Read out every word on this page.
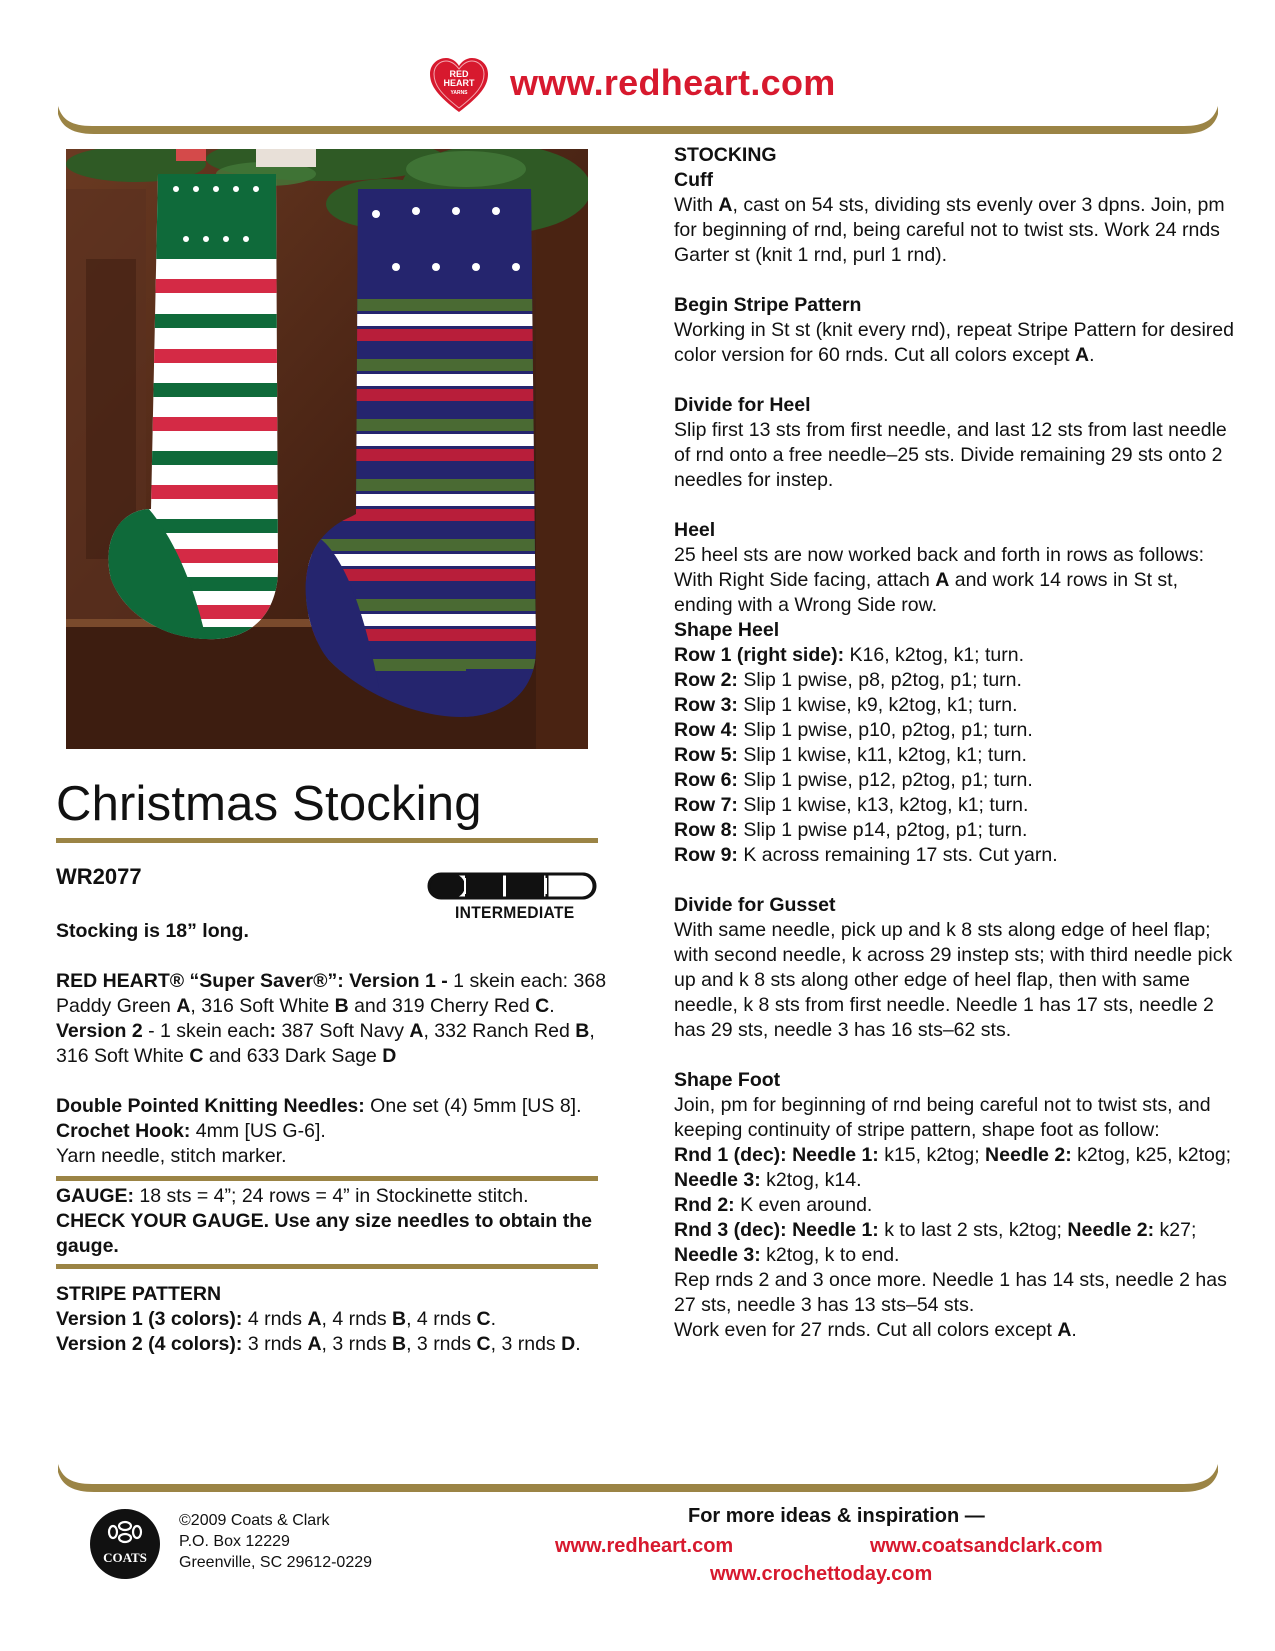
RED
HEART
YARNS www.redheart.com
Christmas Stocking
WR2077
INTERMEDIATE

Stocking is 18” long.

RED HEART® “Super Saver®”: Version 1 - 1 skein each: 368 Paddy Green A, 316 Soft White B and 319 Cherry Red C. Version 2 - 1 skein each: 387 Soft Navy A, 332 Ranch Red B, 316 Soft White C and 633 Dark Sage D

Double Pointed Knitting Needles: One set (4) 5mm [US 8].

Crochet Hook: 4mm [US G-6].

Yarn needle, stitch marker.

GAUGE: 18 sts = 4”; 24 rows = 4” in Stockinette stitch.

CHECK YOUR GAUGE. Use any size needles to obtain the gauge.

STRIPE PATTERN

Version 1 (3 colors): 4 rnds A, 4 rnds B, 4 rnds C.

Version 2 (4 colors): 3 rnds A, 3 rnds B, 3 rnds C, 3 rnds D.

STOCKING

Cuff

With A, cast on 54 sts, dividing sts evenly over 3 dpns. Join, pm for beginning of rnd, being careful not to twist sts. Work 24 rnds Garter st (knit 1 rnd, purl 1 rnd).

Begin Stripe Pattern

Working in St st (knit every rnd), repeat Stripe Pattern for desired color version for 60 rnds. Cut all colors except A.

Divide for Heel

Slip first 13 sts from first needle, and last 12 sts from last needle of rnd onto a free needle–25 sts. Divide remaining 29 sts onto 2 needles for instep.

Heel

25 heel sts are now worked back and forth in rows as follows: With Right Side facing, attach A and work 14 rows in St st, ending with a Wrong Side row.

Shape Heel

Row 1 (right side): K16, k2tog, k1; turn.

Row 2: Slip 1 pwise, p8, p2tog, p1; turn.

Row 3: Slip 1 kwise, k9, k2tog, k1; turn.

Row 4: Slip 1 pwise, p10, p2tog, p1; turn.

Row 5: Slip 1 kwise, k11, k2tog, k1; turn.

Row 6: Slip 1 pwise, p12, p2tog, p1; turn.

Row 7: Slip 1 kwise, k13, k2tog, k1; turn.

Row 8: Slip 1 pwise p14, p2tog, p1; turn.

Row 9: K across remaining 17 sts. Cut yarn.

Divide for Gusset

With same needle, pick up and k 8 sts along edge of heel flap; with second needle, k across 29 instep sts; with third needle pick up and k 8 sts along other edge of heel flap, then with same needle, k 8 sts from first needle. Needle 1 has 17 sts, needle 2 has 29 sts, needle 3 has 16 sts–62 sts.

Shape Foot

Join, pm for beginning of rnd being careful not to twist sts, and keeping continuity of stripe pattern, shape foot as follow:

Rnd 1 (dec): Needle 1: k15, k2tog; Needle 2: k2tog, k25, k2tog; Needle 3: k2tog, k14.

Rnd 2: K even around.

Rnd 3 (dec): Needle 1: k to last 2 sts, k2tog; Needle 2: k27; Needle 3: k2tog, k to end.

Rep rnds 2 and 3 once more. Needle 1 has 14 sts, needle 2 has 27 sts, needle 3 has 13 sts–54 sts.

Work even for 27 rnds. Cut all colors except A.

COATS

©2009 Coats & Clark

P.O. Box 12229

Greenville, SC 29612-0229

For more ideas & inspiration —
www.redheart.com	www.coatsandclark.com
www.crochettoday.com
